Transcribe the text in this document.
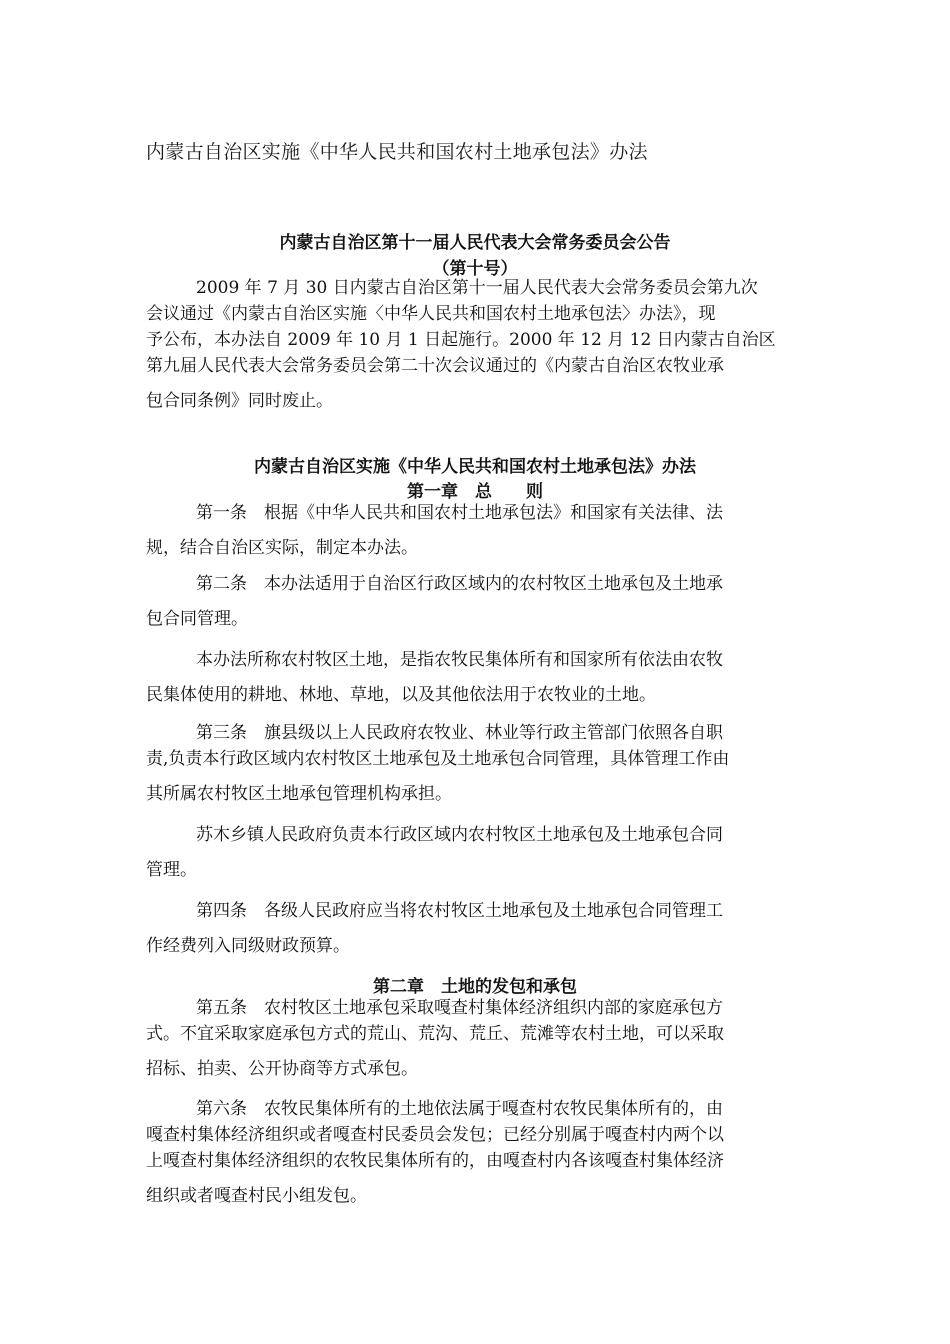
内蒙古自治区实施《中华人民共和国农村土地承包法》办法
内蒙古自治区第十一届人民代表大会常务委员会公告
（第十号）
2009 年 7 月 30 日内蒙古自治区第十一届人民代表大会常务委员会第九次
会议通过《内蒙古自治区实施〈中华人民共和国农村土地承包法〉办法》，现
予公布，本办法自 2009 年 10 月 1 日起施行。2000 年 12 月 12 日内蒙古自治区
第九届人民代表大会常务委员会第二十次会议通过的《内蒙古自治区农牧业承
包合同条例》同时废止。
内蒙古自治区实施《中华人民共和国农村土地承包法》办法
第一章　总　　则
第一条　根据《中华人民共和国农村土地承包法》和国家有关法律、法
规，结合自治区实际，制定本办法。
第二条　本办法适用于自治区行政区域内的农村牧区土地承包及土地承
包合同管理。
本办法所称农村牧区土地，是指农牧民集体所有和国家所有依法由农牧
民集体使用的耕地、林地、草地，以及其他依法用于农牧业的土地。
第三条　旗县级以上人民政府农牧业、林业等行政主管部门依照各自职
责,负责本行政区域内农村牧区土地承包及土地承包合同管理，具体管理工作由
其所属农村牧区土地承包管理机构承担。
苏木乡镇人民政府负责本行政区域内农村牧区土地承包及土地承包合同
管理。
第四条　各级人民政府应当将农村牧区土地承包及土地承包合同管理工
作经费列入同级财政预算。
第二章　土地的发包和承包
第五条　农村牧区土地承包采取嘎查村集体经济组织内部的家庭承包方
式。不宜采取家庭承包方式的荒山、荒沟、荒丘、荒滩等农村土地，可以采取
招标、拍卖、公开协商等方式承包。
第六条　农牧民集体所有的土地依法属于嘎查村农牧民集体所有的，由
嘎查村集体经济组织或者嘎查村民委员会发包；已经分别属于嘎查村内两个以
上嘎查村集体经济组织的农牧民集体所有的，由嘎查村内各该嘎查村集体经济
组织或者嘎查村民小组发包。
